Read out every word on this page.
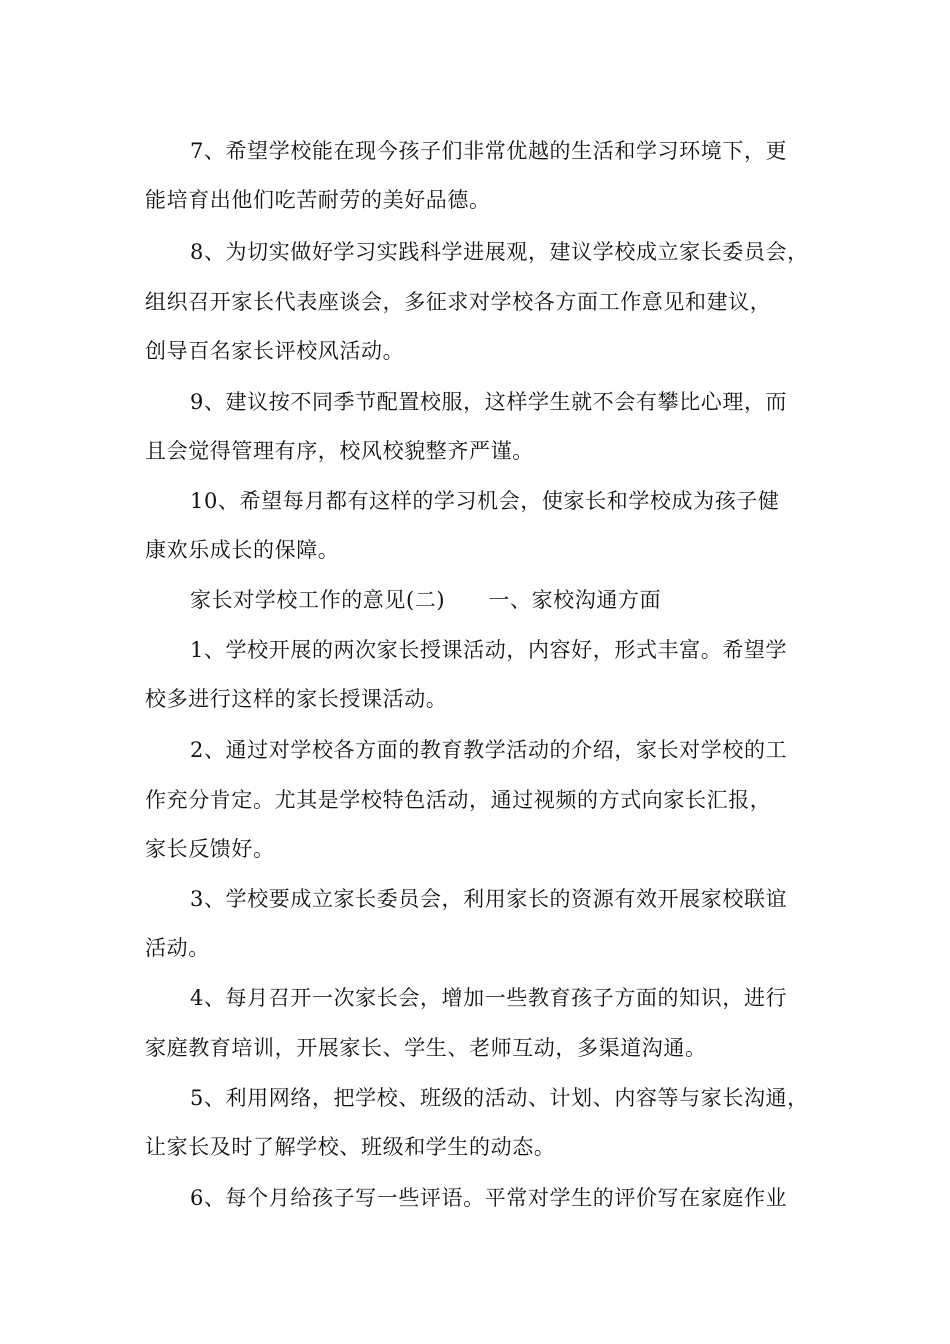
7、希望学校能在现今孩子们非常优越的生活和学习环境下，更

能培育出他们吃苦耐劳的美好品德。

8、为切实做好学习实践科学进展观，建议学校成立家长委员会，

组织召开家长代表座谈会，多征求对学校各方面工作意见和建议，

创导百名家长评校风活动。

9、建议按不同季节配置校服，这样学生就不会有攀比心理，而

且会觉得管理有序，校风校貌整齐严谨。

10、希望每月都有这样的学习机会，使家长和学校成为孩子健

康欢乐成长的保障。

家长对学校工作的意见(二)　　一、家校沟通方面

1、学校开展的两次家长授课活动，内容好，形式丰富。希望学

校多进行这样的家长授课活动。

2、通过对学校各方面的教育教学活动的介绍，家长对学校的工

作充分肯定。尤其是学校特色活动，通过视频的方式向家长汇报，

家长反馈好。

3、学校要成立家长委员会，利用家长的资源有效开展家校联谊

活动。

4、每月召开一次家长会，增加一些教育孩子方面的知识，进行

家庭教育培训，开展家长、学生、老师互动，多渠道沟通。

5、利用网络，把学校、班级的活动、计划、内容等与家长沟通，

让家长及时了解学校、班级和学生的动态。

6、每个月给孩子写一些评语。平常对学生的评价写在家庭作业
